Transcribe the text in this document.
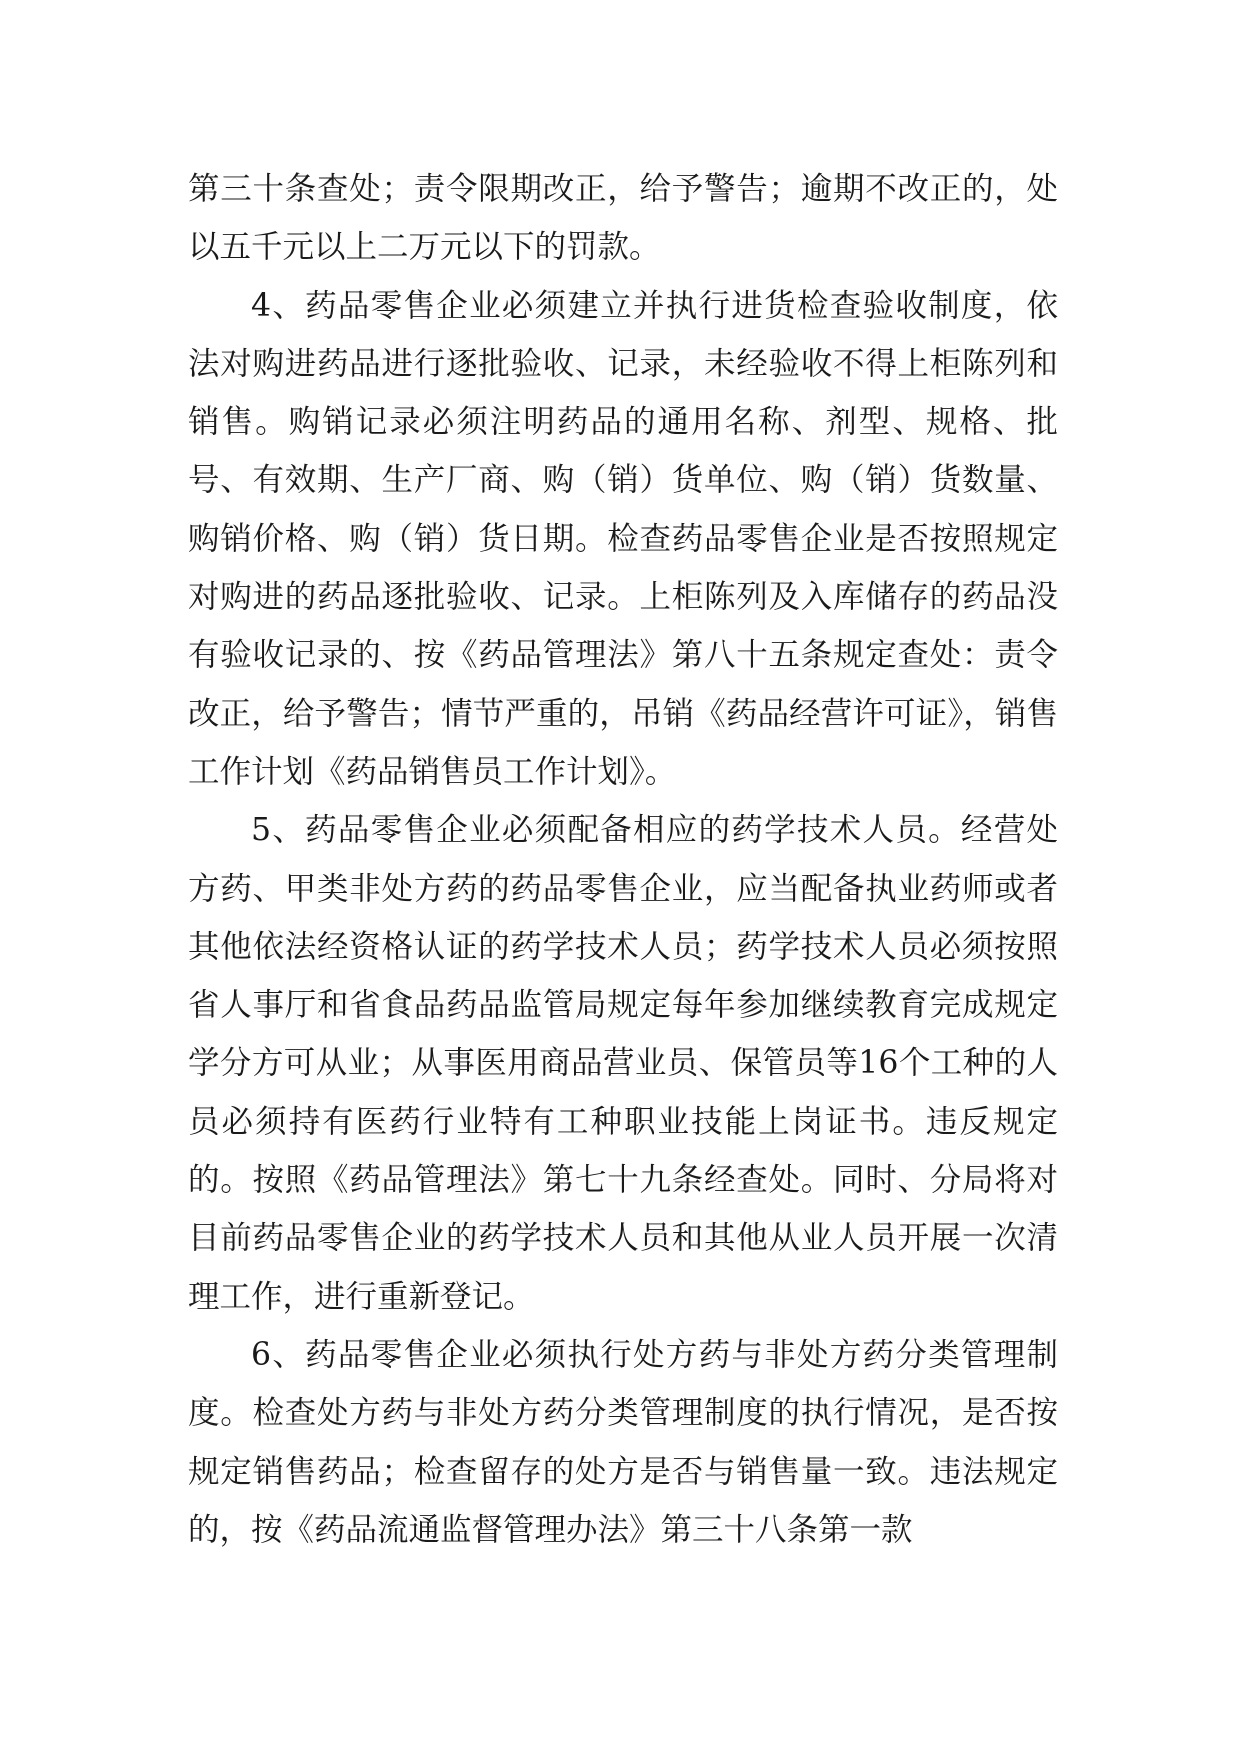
第三十条查处；责令限期改正，给予警告；逾期不改正的，处以五千元以上二万元以下的罚款。

4、药品零售企业必须建立并执行进货检查验收制度，依法对购进药品进行逐批验收、记录，未经验收不得上柜陈列和销售。购销记录必须注明药品的通用名称、剂型、规格、批号、有效期、生产厂商、购（销）货单位、购（销）货数量、购销价格、购（销）货日期。检查药品零售企业是否按照规定对购进的药品逐批验收、记录。上柜陈列及入库储存的药品没有验收记录的、按《药品管理法》第八十五条规定查处：责令改正，给予警告；情节严重的，吊销《药品经营许可证》，销售工作计划《药品销售员工作计划》。

5、药品零售企业必须配备相应的药学技术人员。经营处方药、甲类非处方药的药品零售企业，应当配备执业药师或者其他依法经资格认证的药学技术人员；药学技术人员必须按照省人事厅和省食品药品监管局规定每年参加继续教育完成规定学分方可从业；从事医用商品营业员、保管员等16个工种的人员必须持有医药行业特有工种职业技能上岗证书。违反规定的。按照《药品管理法》第七十九条经查处。同时、分局将对目前药品零售企业的药学技术人员和其他从业人员开展一次清理工作，进行重新登记。

6、药品零售企业必须执行处方药与非处方药分类管理制度。检查处方药与非处方药分类管理制度的执行情况，是否按规定销售药品；检查留存的处方是否与销售量一致。违法规定的，按《药品流通监督管理办法》第三十八条第一款
